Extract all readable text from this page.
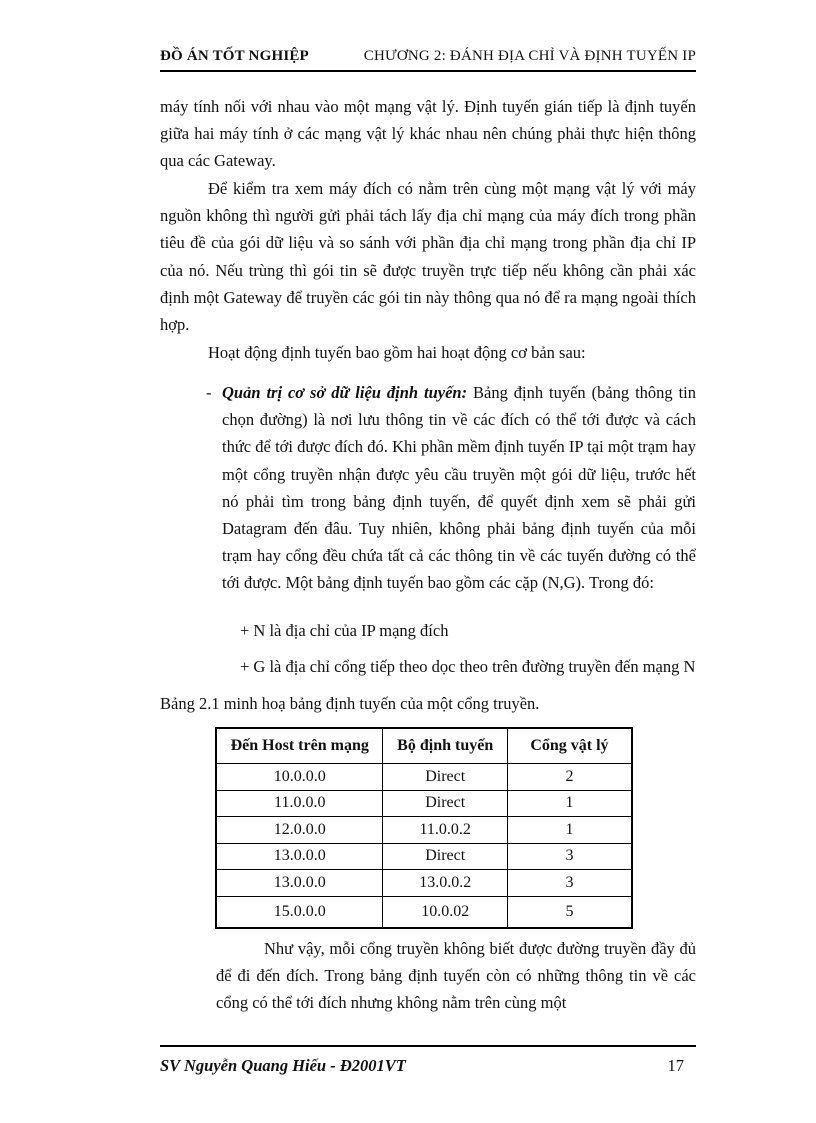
ĐỒ ÁN TỐT NGHIỆP	CHƯƠNG 2: ĐÁNH ĐỊA CHỈ VÀ ĐỊNH TUYẾN IP

máy tính nối với nhau vào một mạng vật lý. Định tuyến gián tiếp là định tuyến giữa hai máy tính ở các mạng vật lý khác nhau nên chúng phải thực hiện thông qua các Gateway.

Để kiểm tra xem máy đích có nằm trên cùng một mạng vật lý với máy nguồn không thì người gửi phải tách lấy địa chỉ mạng của máy đích trong phần tiêu đề của gói dữ liệu và so sánh với phần địa chỉ mạng trong phần địa chỉ IP của nó. Nếu trùng thì gói tin sẽ được truyền trực tiếp nếu không cần phải xác định một Gateway để truyền các gói tin này thông qua nó để ra mạng ngoài thích hợp.

Hoạt động định tuyến bao gồm hai hoạt động cơ bản sau:

- Quản trị cơ sở dữ liệu định tuyến: Bảng định tuyến (bảng thông tin chọn đường) là nơi lưu thông tin về các đích có thể tới được và cách thức để tới được đích đó. Khi phần mềm định tuyến IP tại một trạm hay một cổng truyền nhận được yêu cầu truyền một gói dữ liệu, trước hết nó phải tìm trong bảng định tuyến, để quyết định xem sẽ phải gửi Datagram đến đâu. Tuy nhiên, không phải bảng định tuyến của mỗi trạm hay cổng đều chứa tất cả các thông tin về các tuyến đường có thể tới được. Một bảng định tuyến bao gồm các cặp (N,G). Trong đó:
+ N là địa chỉ của IP mạng đích
+ G là địa chỉ cổng tiếp theo dọc theo trên đường truyền đến mạng N
Bảng 2.1 minh hoạ bảng định tuyến của một cổng truyền.
Đến Host trên mạng	Bộ định tuyến	Cổng vật lý
10.0.0.0	Direct	2
11.0.0.0	Direct	1
12.0.0.0	11.0.0.2	1
13.0.0.0	Direct	3
13.0.0.0	13.0.0.2	3
15.0.0.0	10.0.02	5

Như vậy, mỗi cổng truyền không biết được đường truyền đầy đủ để đi đến đích. Trong bảng định tuyến còn có những thông tin về các cổng có thể tới đích nhưng không nằm trên cùng một

SV Nguyễn Quang Hiếu - Đ2001VT	17
